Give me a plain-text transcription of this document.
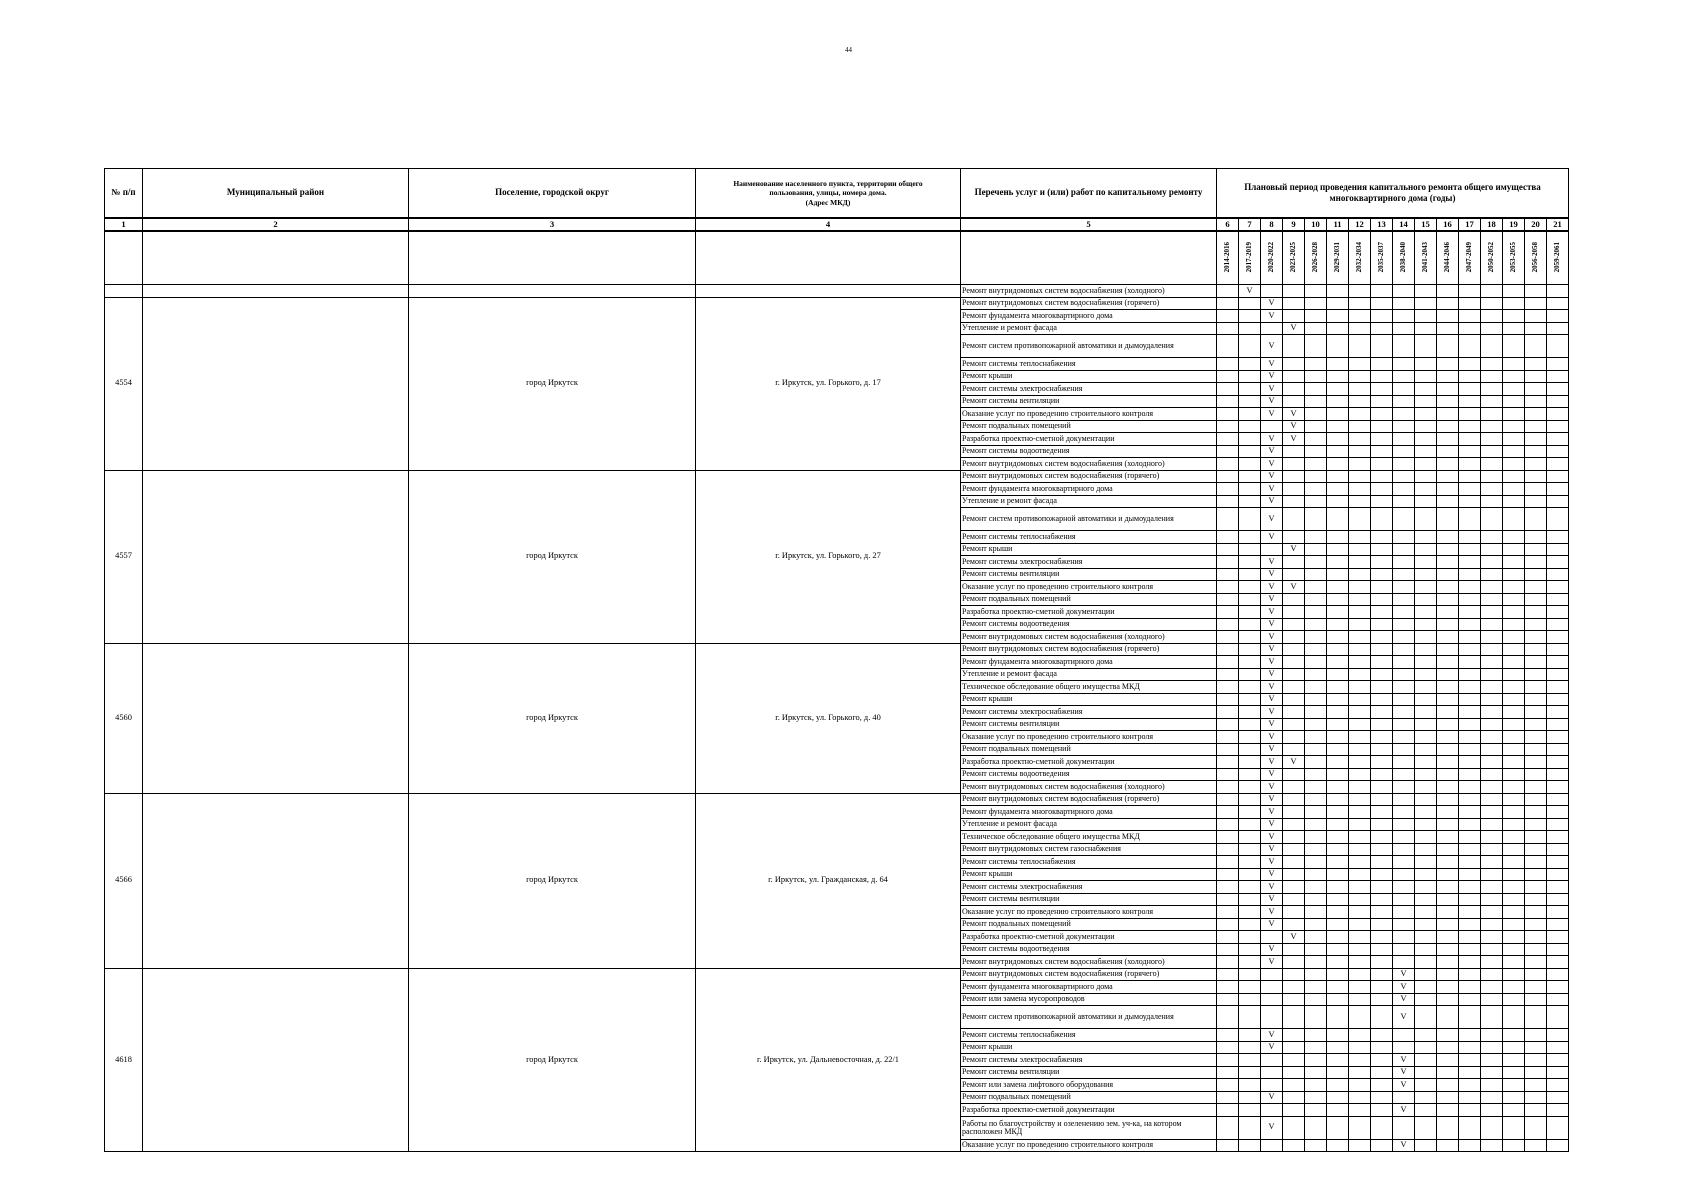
44
№ п/п	Муниципальный район	Поселение, городской округ	Наименование населенного пункта, территории общего
пользования, улицы, номера дома.
(Адрес МКД)	Перечень услуг и (или) работ по капитальному ремонту	Плановый период проведения капитального ремонта общего имущества
многоквартирного дома (годы)															
1	2	3	4	5	6	7	8	9	10	11	12	13	14	15	16	17	18	19	20	21
					2014-2016	2017-2019	2020-2022	2023-2025	2026-2028	2029-2031	2032-2034	2035-2037	2038-2040	2041-2043	2044-2046	2047-2049	2050-2052	2053-2055	2056-2058	2059-2061
				Ремонт внутридомовых систем водоснабжения (холодного)		V														
4554		город Иркутск	г. Иркутск, ул. Горького, д. 17	Ремонт внутридомовых систем водоснабжения (горячего)			V													
				Ремонт фундамента многоквартирного дома			V													
				Утепление и ремонт фасада				V												
				Ремонт систем противопожарной автоматики и дымоудаления			V													
				Ремонт системы теплоснабжения			V													
				Ремонт крыши			V													
				Ремонт системы электроснабжения			V													
				Ремонт системы вентиляции			V													
				Оказание услуг по проведению строительного контроля			V	V												
				Ремонт подвальных помещений				V												
				Разработка проектно-сметной документации			V	V												
				Ремонт системы водоотведения			V													
				Ремонт внутридомовых систем водоснабжения (холодного)			V													
4557		город Иркутск	г. Иркутск, ул. Горького, д. 27	Ремонт внутридомовых систем водоснабжения (горячего)			V													
				Ремонт фундамента многоквартирного дома			V													
				Утепление и ремонт фасада			V													
				Ремонт систем противопожарной автоматики и дымоудаления			V													
				Ремонт системы теплоснабжения			V													
				Ремонт крыши				V												
				Ремонт системы электроснабжения			V													
				Ремонт системы вентиляции			V													
				Оказание услуг по проведению строительного контроля			V	V												
				Ремонт подвальных помещений			V													
				Разработка проектно-сметной документации			V													
				Ремонт системы водоотведения			V													
				Ремонт внутридомовых систем водоснабжения (холодного)			V													
4560		город Иркутск	г. Иркутск, ул. Горького, д. 40	Ремонт внутридомовых систем водоснабжения (горячего)			V													
				Ремонт фундамента многоквартирного дома			V													
				Утепление и ремонт фасада			V													
				Техническое обследование общего имущества МКД			V													
				Ремонт крыши			V													
				Ремонт системы электроснабжения			V													
				Ремонт системы вентиляции			V													
				Оказание услуг по проведению строительного контроля			V													
				Ремонт подвальных помещений			V													
				Разработка проектно-сметной документации			V	V												
				Ремонт системы водоотведения			V													
				Ремонт внутридомовых систем водоснабжения (холодного)			V													
4566		город Иркутск	г. Иркутск, ул. Гражданская, д. 64	Ремонт внутридомовых систем водоснабжения (горячего)			V													
				Ремонт фундамента многоквартирного дома			V													
				Утепление и ремонт фасада			V													
				Техническое обследование общего имущества МКД			V													
				Ремонт внутридомовых систем газоснабжения			V													
				Ремонт системы теплоснабжения			V													
				Ремонт крыши			V													
				Ремонт системы электроснабжения			V													
				Ремонт системы вентиляции			V													
				Оказание услуг по проведению строительного контроля			V													
				Ремонт подвальных помещений			V													
				Разработка проектно-сметной документации				V												
				Ремонт системы водоотведения			V													
				Ремонт внутридомовых систем водоснабжения (холодного)			V													
4618		город Иркутск	г. Иркутск, ул. Дальневосточная, д. 22/1	Ремонт внутридомовых систем водоснабжения (горячего)									V							
				Ремонт фундамента многоквартирного дома									V							
				Ремонт или замена мусоропроводов									V							
				Ремонт систем противопожарной автоматики и дымоудаления									V							
				Ремонт системы теплоснабжения			V													
				Ремонт крыши			V													
				Ремонт системы электроснабжения									V							
				Ремонт системы вентиляции									V							
				Ремонт или замена лифтового оборудования									V							
				Ремонт подвальных помещений			V													
				Разработка проектно-сметной документации									V							
				Работы по благоустройству и озеленению зем. уч-ка, на котором расположен МКД			V													
				Оказание услуг по проведению строительного контроля									V							
